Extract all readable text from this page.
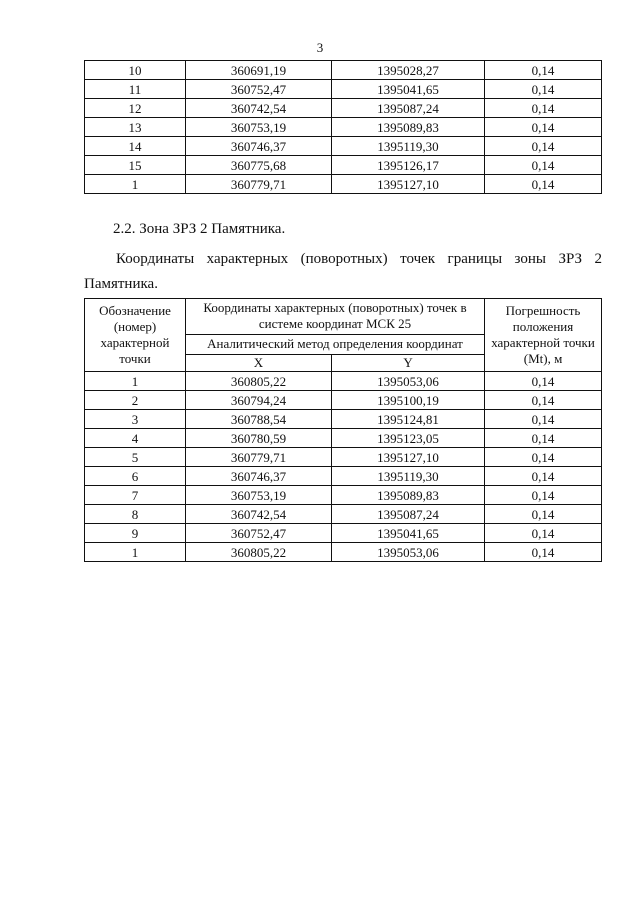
3
10	360691,19	1395028,27	0,14
11	360752,47	1395041,65	0,14
12	360742,54	1395087,24	0,14
13	360753,19	1395089,83	0,14
14	360746,37	1395119,30	0,14
15	360775,68	1395126,17	0,14
1	360779,71	1395127,10	0,14

2.2. Зона ЗРЗ 2 Памятника.

Координаты характерных (поворотных) точек границы зоны ЗРЗ 2

Памятника.

Обозначение (номер) характерной точки	Координаты характерных (поворотных) точек в системе координат МСК 25		Погрешность положения характерной точки (Mt), м
	Аналитический метод определения координат		
	X	Y	
1	360805,22	1395053,06	0,14
2	360794,24	1395100,19	0,14
3	360788,54	1395124,81	0,14
4	360780,59	1395123,05	0,14
5	360779,71	1395127,10	0,14
6	360746,37	1395119,30	0,14
7	360753,19	1395089,83	0,14
8	360742,54	1395087,24	0,14
9	360752,47	1395041,65	0,14
1	360805,22	1395053,06	0,14
